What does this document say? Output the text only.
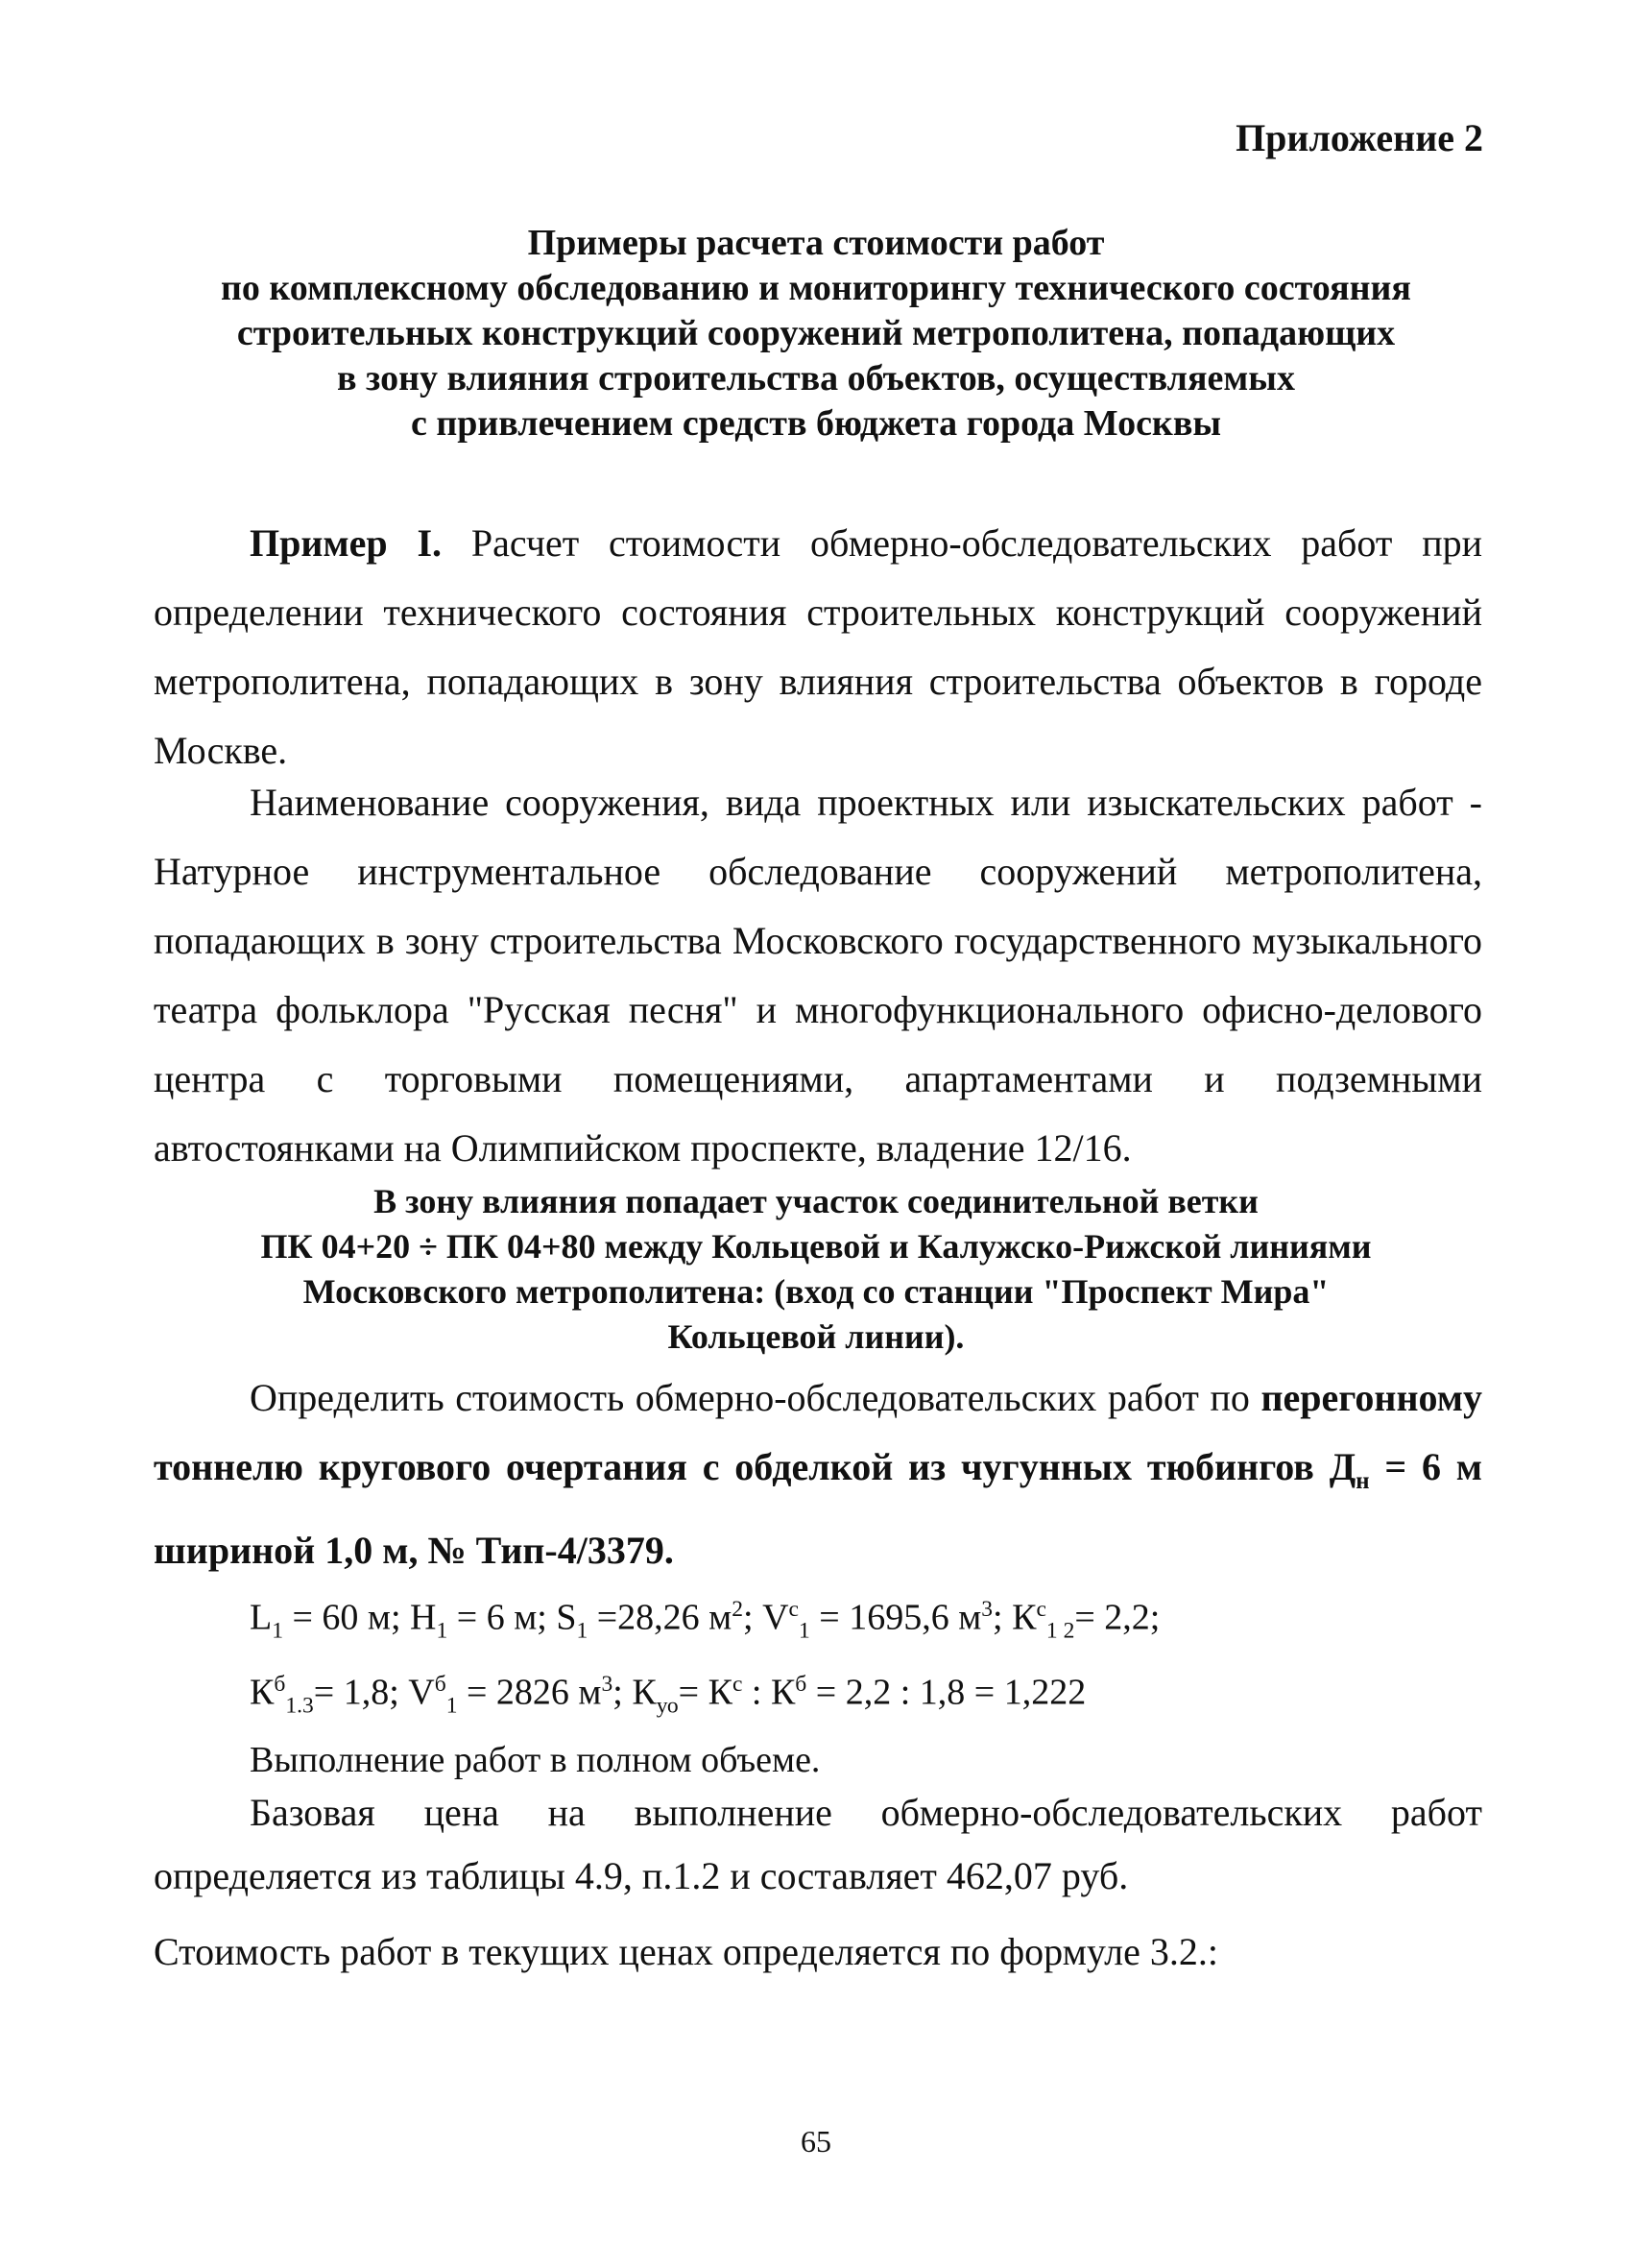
Приложение 2
Примеры расчета стоимости работ
по комплексному обследованию и мониторингу технического состояния
строительных конструкций сооружений метрополитена, попадающих
в зону влияния строительства объектов, осуществляемых
с привлечением средств бюджета города Москвы

Пример I. Расчет стоимости обмерно-обследовательских работ при определении технического состояния строительных конструкций сооружений метрополитена, попадающих в зону влияния строительства объектов в городе Москве.

Наименование сооружения, вида проектных или изыскательских работ - Натурное инструментальное обследование сооружений метрополитена, попадающих в зону строительства Московского государственного музыкального театра фольклора "Русская песня" и многофункционального офисно-делового центра с торговыми помещениями, апартаментами и подземными автостоянками на Олимпийском проспекте, владение 12/16.

В зону влияния попадает участок соединительной ветки
ПК 04+20 ÷ ПК 04+80 между Кольцевой и Калужско-Рижской линиями
Московского метрополитена: (вход со станции "Проспект Мира"
Кольцевой линии).

Определить стоимость обмерно-обследовательских работ по перегонному тоннелю кругового очертания с обделкой из чугунных тюбингов $Д_н = 6$ м шириной 1,0 м, № Тип-4/3379.

$L_1 = 60$ м; $H_1 = 6$ м; $S_1 =28,26$ $м^2$; $V^с_1 = 1695,6$ $м^3$; $К^с_{1 2}= 2,2$;
$К^б_{1.3}= 1,8$; $V^б_1 = 2826$ $м^3$; $К_{уо}= К^с$ : $К^б = 2,2$ : 1,8 = 1,222
Выполнение работ в полном объеме.

Базовая цена на выполнение обмерно-обследовательских работ определяется из таблицы 4.9, п.1.2 и составляет 462,07 руб.

Стоимость работ в текущих ценах определяется по формуле 3.2.:
65
